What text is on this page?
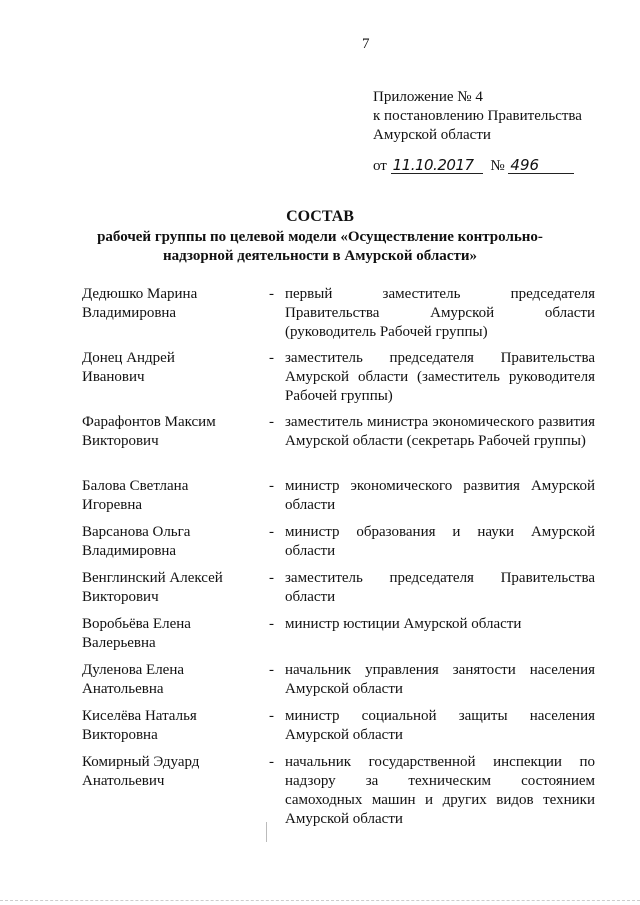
7
Приложение № 4
к постановлению Правительства
Амурской области
от 11.10.2017 № 496
СОСТАВ
рабочей группы по целевой модели «Осуществление контрольно-надзорной деятельности в Амурской области»
Дедюшко Марина
Владимировна
- первый заместитель председателя Правительства Амурской области (руководитель Рабочей группы)
Донец Андрей
Иванович
- заместитель председателя Правительства Амурской области (заместитель руководителя Рабочей группы)
Фарафонтов Максим
Викторович
- заместитель министра экономического развития Амурской области (секретарь Рабочей группы)
Балова Светлана
Игоревна
- министр экономического развития Амурской области
Варсанова Ольга
Владимировна
- министр образования и науки Амурской области
Венглинский Алексей
Викторович
- заместитель председателя Правительства области
Воробьёва Елена
Валерьевна
- министр юстиции Амурской области
Дуленова Елена
Анатольевна
- начальник управления занятости населения Амурской области
Киселёва Наталья
Викторовна
- министр социальной защиты населения Амурской области
Комирный Эдуард
Анатольевич
- начальник государственной инспекции по надзору за техническим состоянием самоходных машин и других видов техники Амурской области
